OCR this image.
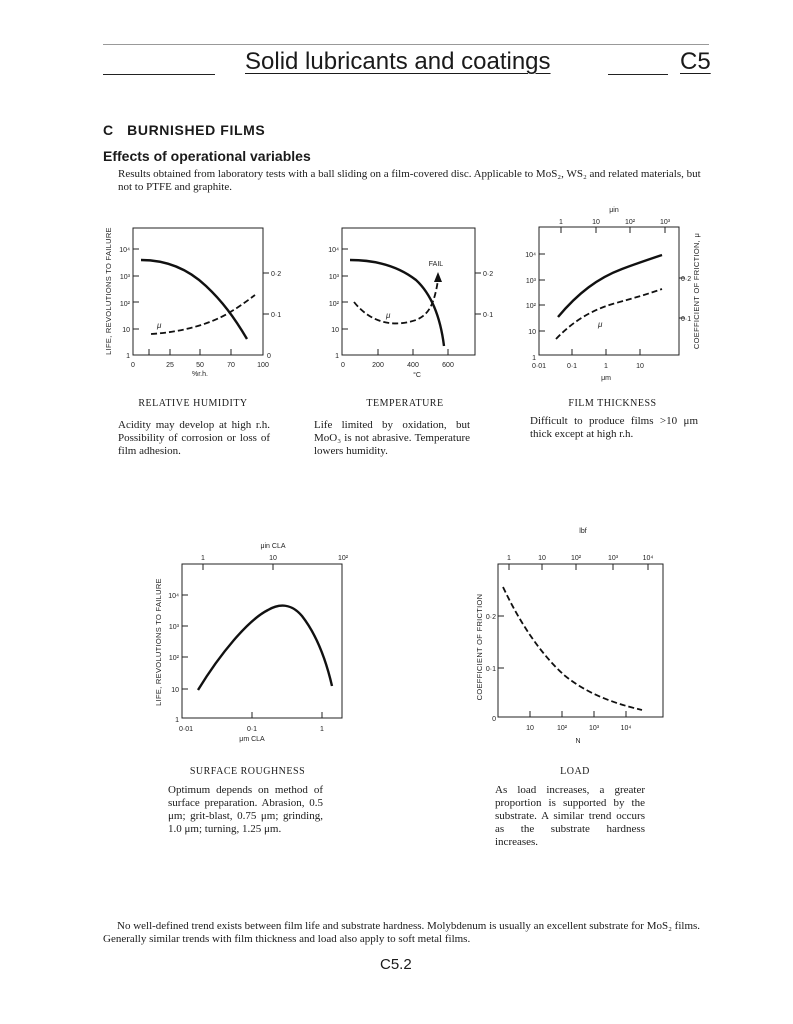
Solid lubricants and coatings	C5
C   BURNISHED FILMS
Effects of operational variables
Results obtained from laboratory tests with a ball sliding on a film-covered disc. Applicable to MoS₂, WS₂ and related materials, but not to PTFE and graphite.
LIFE, REVOLUTIONS TO FAILURE 10⁴
10³
10²
10
1
0·2
0·1
0
0	25	50	70	100
%r.h.
μ
RELATIVE HUMIDITY
Acidity may develop at high r.h. Possibility of corrosion or loss of film adhesion.
10⁴
10³
10²
10
1
0·2
0·1
0	200	400	600
°C
FAIL
μ
TEMPERATURE
Life limited by oxidation, but MoO₃ is not abrasive. Temperature lowers humidity.
μin
1	10	10²	10³
10⁴
10³
10²
10
1
0·2
0·1 COEFFICIENT OF FRICTION, μ
0·01	0·1	1	10
μm
μ
FILM THICKNESS
Difficult to produce films >10 μm thick except at high r.h.
μin CLA
1	10	10²
LIFE, REVOLUTIONS TO FAILURE 10⁴
10³
10²
10
1
0·01	0·1	1
μm CLA
SURFACE ROUGHNESS
Optimum depends on method of surface preparation. Abrasion, 0.5 μm; grit-blast, 0.75 μm; grinding, 1.0 μm; turning, 1.25 μm.
lbf
1	10	10²	10³	10⁴
COEFFICIENT OF FRICTION 0·2
0·1
0
10	10²	10³	10⁴
N
LOAD
As load increases, a greater proportion is supported by the substrate. A similar trend occurs as the substrate hardness increases.
No well-defined trend exists between film life and substrate hardness. Molybdenum is usually an excellent substrate for MoS₂ films. Generally similar trends with film thickness and load also apply to soft metal films.
C5.2
